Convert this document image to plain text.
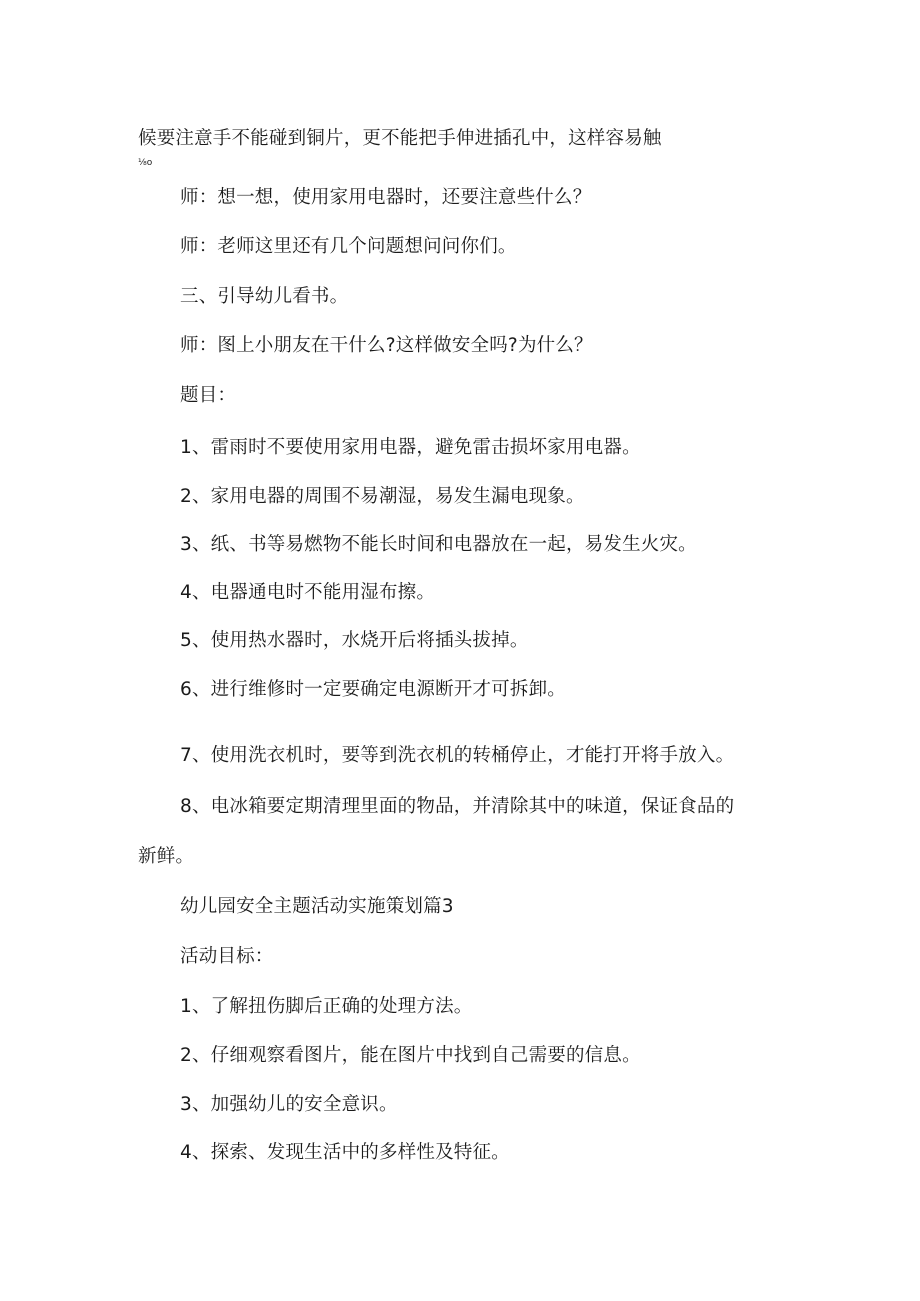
候要注意手不能碰到铜片，更不能把手伸进插孔中，这样容易触

⅛o

师：想一想，使用家用电器时，还要注意些什么？

师：老师这里还有几个问题想问问你们。

三、引导幼儿看书。

师：图上小朋友在干什么?这样做安全吗?为什么？

题目：

1、雷雨时不要使用家用电器，避免雷击损坏家用电器。

2、家用电器的周围不易潮湿，易发生漏电现象。

3、纸、书等易燃物不能长时间和电器放在一起，易发生火灾。

4、电器通电时不能用湿布擦。

5、使用热水器时，水烧开后将插头拔掉。

6、进行维修时一定要确定电源断开才可拆卸。

7、使用洗衣机时，要等到洗衣机的转桶停止，才能打开将手放入。

8、电冰箱要定期清理里面的物品，并清除其中的味道，保证食品的

新鲜。

幼儿园安全主题活动实施策划篇3

活动目标：

1、了解扭伤脚后正确的处理方法。

2、仔细观察看图片，能在图片中找到自己需要的信息。

3、加强幼儿的安全意识。

4、探索、发现生活中的多样性及特征。
